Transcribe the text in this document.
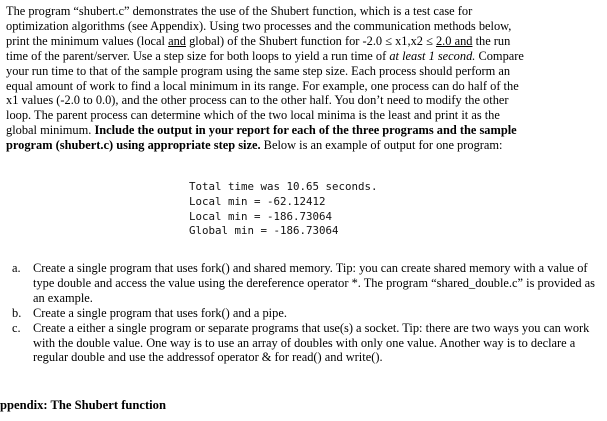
The program “shubert.c” demonstrates the use of the Shubert function, which is a test case for
optimization algorithms (see Appendix). Using two processes and the communication methods below,
print the minimum values (local and global) of the Shubert function for -2.0 ≤ x1,x2 ≤ 2.0 and the run
time of the parent/server. Use a step size for both loops to yield a run time of at least 1 second. Compare
your run time to that of the sample program using the same step size. Each process should perform an
equal amount of work to find a local minimum in its range. For example, one process can do half of the
x1 values (-2.0 to 0.0), and the other process can to the other half. You don’t need to modify the other
loop. The parent process can determine which of the two local minima is the least and print it as the
global minimum. Include the output in your report for each of the three programs and the sample
program (shubert.c) using appropriate step size. Below is an example of output for one program:
Total time was 10.65 seconds.
Local min = -62.12412
Local min = -186.73064
Global min = -186.73064
a. Create a single program that uses fork() and shared memory. Tip: you can create shared memory with a value of type double and access the value using the dereference operator *. The program “shared_double.c” is provided as an example.
b. Create a single program that uses fork() and a pipe.
c. Create a either a single program or separate programs that use(s) a socket. Tip: there are two ways you can work with the double value. One way is to use an array of doubles with only one value. Another way is to declare a regular double and use the addressof operator & for read() and write().
ppendix: The Shubert function
